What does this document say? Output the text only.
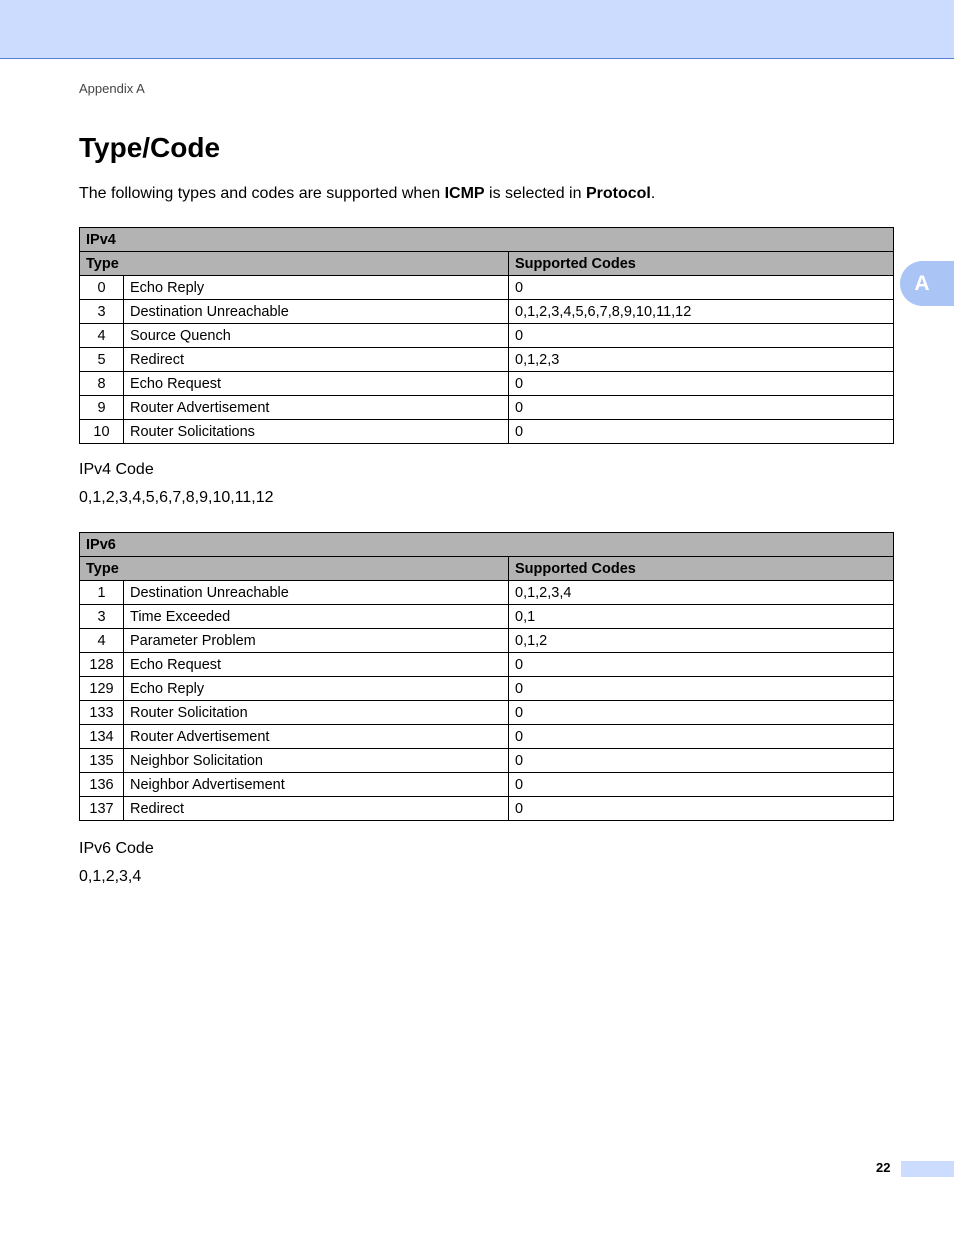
Appendix A
Type/Code
The following types and codes are supported when ICMP is selected in Protocol.
A
IPv4		
Type		Supported Codes
0	Echo Reply	0
3	Destination Unreachable	0,1,2,3,4,5,6,7,8,9,10,11,12
4	Source Quench	0
5	Redirect	0,1,2,3
8	Echo Request	0
9	Router Advertisement	0
10	Router Solicitations	0
IPv4 Code
0,1,2,3,4,5,6,7,8,9,10,11,12
IPv6		
Type		Supported Codes
1	Destination Unreachable	0,1,2,3,4
3	Time Exceeded	0,1
4	Parameter Problem	0,1,2
128	Echo Request	0
129	Echo Reply	0
133	Router Solicitation	0
134	Router Advertisement	0
135	Neighbor Solicitation	0
136	Neighbor Advertisement	0
137	Redirect	0
IPv6 Code
0,1,2,3,4
22
